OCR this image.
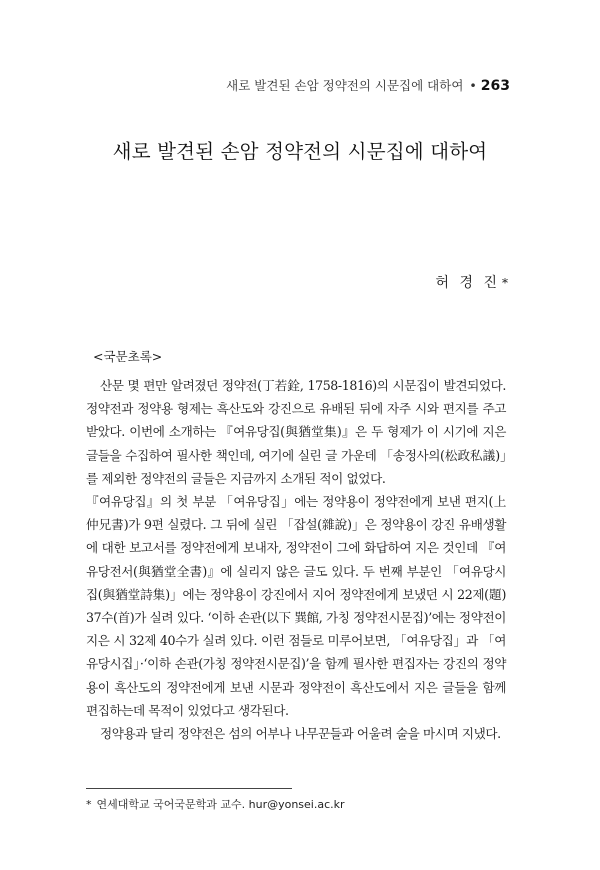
새로 발견된 손암 정약전의 시문집에 대하여 • 263
새로 발견된 손암 정약전의 시문집에 대하여
허 경 진 *
<국문초록>

산문 몇 편만 알려졌던 정약전(丁若銓, 1758-1816)의 시문집이 발견되었다. 정약전과 정약용 형제는 흑산도와 강진으로 유배된 뒤에 자주 시와 편지를 주고받았다. 이번에 소개하는 『여유당집(與猶堂集)』은 두 형제가 이 시기에 지은 글들을 수집하여 필사한 책인데, 여기에 실린 글 가운데 「송정사의(松政私議)」를 제외한 정약전의 글들은 지금까지 소개된 적이 없었다.

『여유당집』의 첫 부분 「여유당집」에는 정약용이 정약전에게 보낸 편지(上仲兄書)가 9편 실렸다. 그 뒤에 실린 「잡설(雜說)」은 정약용이 강진 유배생활에 대한 보고서를 정약전에게 보내자, 정약전이 그에 화답하여 지은 것인데 『여유당전서(與猶堂全書)』에 실리지 않은 글도 있다. 두 번째 부분인 「여유당시집(與猶堂詩集)」에는 정약용이 강진에서 지어 정약전에게 보냈던 시 22제(題) 37수(首)가 실려 있다. ‘이하 손관(以下 巽館, 가칭 정약전시문집)’에는 정약전이 지은 시 32제 40수가 실려 있다. 이런 점들로 미루어보면, 「여유당집」과 「여유당시집」·‘이하 손관(가칭 정약전시문집)’을 함께 필사한 편집자는 강진의 정약용이 흑산도의 정약전에게 보낸 시문과 정약전이 흑산도에서 지은 글들을 함께 편집하는데 목적이 있었다고 생각된다.

정약용과 달리 정약전은 섬의 어부나 나무꾼들과 어울려 술을 마시며 지냈다.

* 연세대학교 국어국문학과 교수. hur@yonsei.ac.kr
